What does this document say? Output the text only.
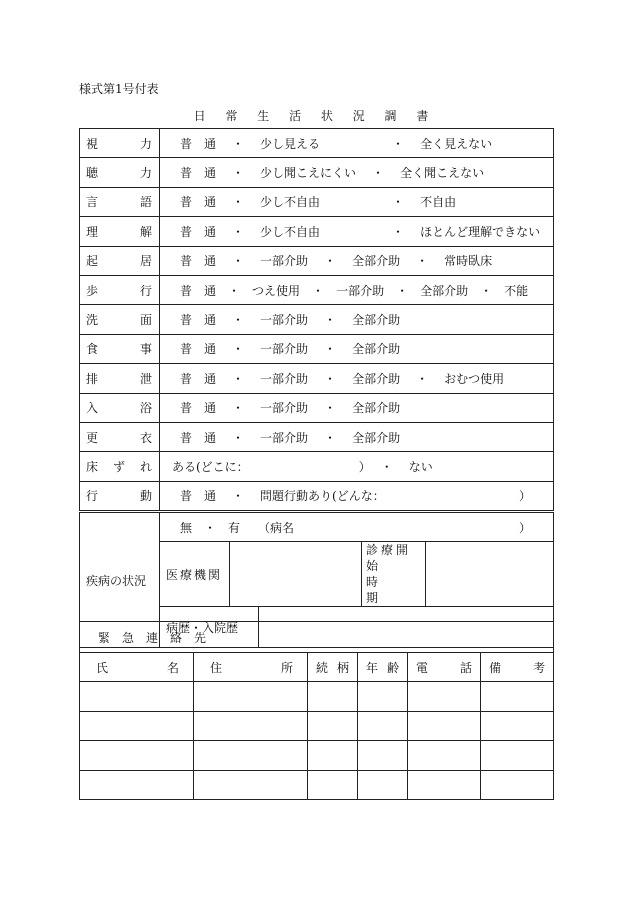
様式第1号付表
日 常 生 活 状 況 調 書
視 力	普　通 ・ 少し見える　 ・ 全く見えない

聴 力	普　通 ・ 少し聞こえにくい ・ 全く聞こえない

言 語	普　通 ・ 少し不自由　 ・ 不自由

理 解	普　通 ・ 少し不自由　 ・ ほとんど理解できない

起 居	普　通 ・ 一部介助 ・ 全部介助 ・ 常時臥床

歩 行	普　通 ・ つえ使用 ・ 一部介助 ・ 全部介助 ・ 不能

洗 面	普　通 ・ 一部介助 ・ 全部介助

食 事	普　通 ・ 一部介助 ・ 全部介助

排 泄	普　通 ・ 一部介助 ・ 全部介助 ・ おむつ使用

入 浴	普　通 ・ 一部介助 ・ 全部介助

更 衣	普　通 ・ 一部介助 ・ 全部介助

床 ず れ	ある(どこに： ） ・ ない

行 動	普　通 ・ 問題行動あり(どんな： ）
疾病の状況	無　・　有　　（病名 ）			

	医療機関		診療開始
時　　期	

病歴・入院歴			
緊　急　連　絡　先					

氏 名	住 所	続 柄	年 齢	電 話	備 考
